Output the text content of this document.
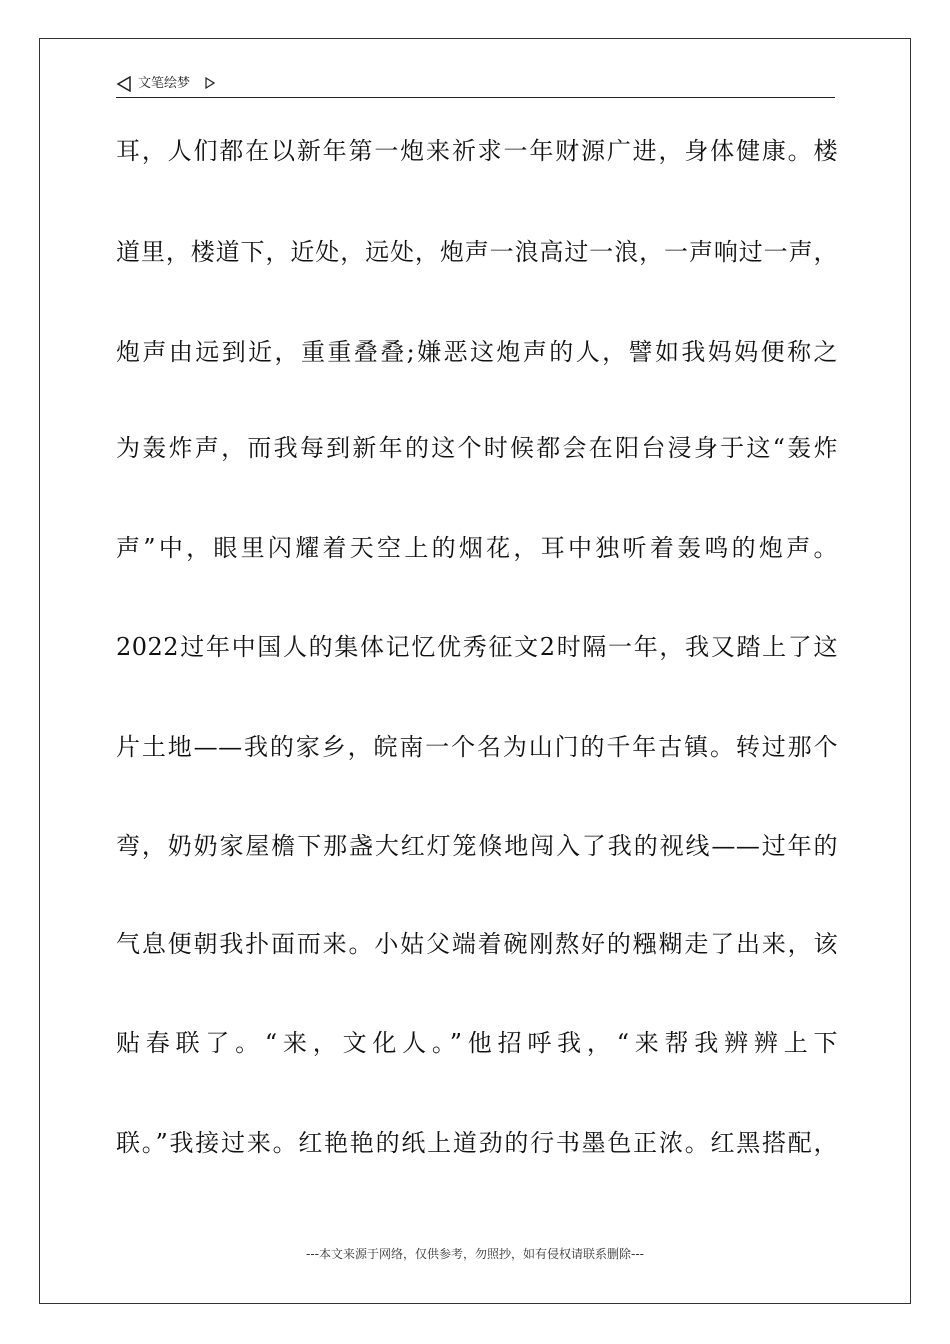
文笔绘梦
耳，人们都在以新年第一炮来祈求一年财源广进，身体健康。楼
道里，楼道下，近处，远处，炮声一浪高过一浪，一声响过一声，
炮声由远到近，重重叠叠;嫌恶这炮声的人，譬如我妈妈便称之
为轰炸声，而我每到新年的这个时候都会在阳台浸身于这“轰炸
声”中，眼里闪耀着天空上的烟花，耳中独听着轰鸣的炮声。
2022过年中国人的集体记忆优秀征文2时隔一年，我又踏上了这
片土地——我的家乡，皖南一个名为山门的千年古镇。转过那个
弯，奶奶家屋檐下那盏大红灯笼倏地闯入了我的视线——过年的
气息便朝我扑面而来。小姑父端着碗刚熬好的糨糊走了出来，该
贴春联了。“来，文化人。”他招呼我，“来帮我辨辨上下
联。”我接过来。红艳艳的纸上道劲的行书墨色正浓。红黑搭配，
---本文来源于网络，仅供参考，勿照抄，如有侵权请联系删除---
